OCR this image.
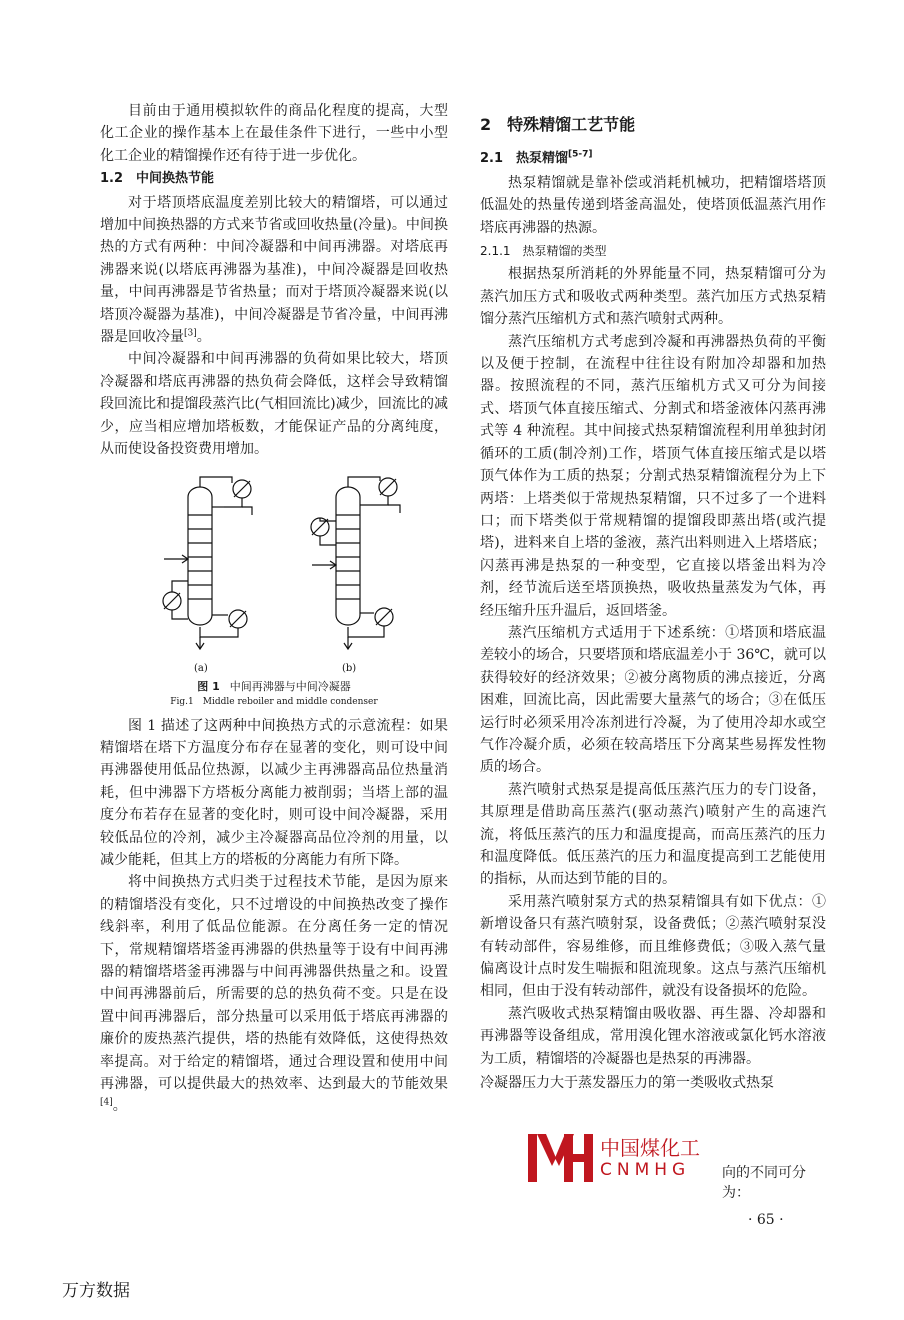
目前由于通用模拟软件的商品化程度的提高，大型化工企业的操作基本上在最佳条件下进行，一些中小型化工企业的精馏操作还有待于进一步优化。

1.2　中间换热节能

对于塔顶塔底温度差别比较大的精馏塔，可以通过增加中间换热器的方式来节省或回收热量(冷量)。中间换热的方式有两种：中间冷凝器和中间再沸器。对塔底再沸器来说(以塔底再沸器为基准)，中间冷凝器是回收热量，中间再沸器是节省热量；而对于塔顶冷凝器来说(以塔顶冷凝器为基准)，中间冷凝器是节省冷量，中间再沸器是回收冷量[3]。

中间冷凝器和中间再沸器的负荷如果比较大，塔顶冷凝器和塔底再沸器的热负荷会降低，这样会导致精馏段回流比和提馏段蒸汽比(气相回流比)减少，回流比的减少，应当相应增加塔板数，才能保证产品的分离纯度，从而使设备投资费用增加。

(a)	(b)
图 1 中间再沸器与中间冷凝器
Fig.1　Middle reboiler and middle condenser

图 1 描述了这两种中间换热方式的示意流程：如果精馏塔在塔下方温度分布存在显著的变化，则可设中间再沸器使用低品位热源，以减少主再沸器高品位热量消耗，但中沸器下方塔板分离能力被削弱；当塔上部的温度分布若存在显著的变化时，则可设中间冷凝器，采用较低品位的冷剂，减少主冷凝器高品位冷剂的用量，以减少能耗，但其上方的塔板的分离能力有所下降。

将中间换热方式归类于过程技术节能，是因为原来的精馏塔没有变化，只不过增设的中间换热改变了操作线斜率，利用了低品位能源。在分离任务一定的情况下，常规精馏塔塔釜再沸器的供热量等于设有中间再沸器的精馏塔塔釜再沸器与中间再沸器供热量之和。设置中间再沸器前后，所需要的总的热负荷不变。只是在设置中间再沸器后，部分热量可以采用低于塔底再沸器的廉价的废热蒸汽提供，塔的热能有效降低，这使得热效率提高。对于给定的精馏塔，通过合理设置和使用中间再沸器，可以提供最大的热效率、达到最大的节能效果[4]。

2　特殊精馏工艺节能
2.1　热泵精馏[5-7]

热泵精馏就是靠补偿或消耗机械功，把精馏塔塔顶低温处的热量传递到塔釜高温处，使塔顶低温蒸汽用作塔底再沸器的热源。

2.1.1　热泵精馏的类型

根据热泵所消耗的外界能量不同，热泵精馏可分为蒸汽加压方式和吸收式两种类型。蒸汽加压方式热泵精馏分蒸汽压缩机方式和蒸汽喷射式两种。

蒸汽压缩机方式考虑到冷凝和再沸器热负荷的平衡以及便于控制，在流程中往往设有附加冷却器和加热器。按照流程的不同，蒸汽压缩机方式又可分为间接式、塔顶气体直接压缩式、分割式和塔釜液体闪蒸再沸式等 4 种流程。其中间接式热泵精馏流程利用单独封闭循环的工质(制冷剂)工作，塔顶气体直接压缩式是以塔顶气体作为工质的热泵；分割式热泵精馏流程分为上下两塔：上塔类似于常规热泵精馏，只不过多了一个进料口；而下塔类似于常规精馏的提馏段即蒸出塔(或汽提塔)，进料来自上塔的釜液，蒸汽出料则进入上塔塔底；闪蒸再沸是热泵的一种变型，它直接以塔釜出料为冷剂，经节流后送至塔顶换热，吸收热量蒸发为气体，再经压缩升压升温后，返回塔釜。

蒸汽压缩机方式适用于下述系统：①塔顶和塔底温差较小的场合，只要塔顶和塔底温差小于 36℃，就可以获得较好的经济效果；②被分离物质的沸点接近，分离困难，回流比高，因此需要大量蒸气的场合；③在低压运行时必须采用冷冻剂进行冷凝，为了使用冷却水或空气作冷凝介质，必须在较高塔压下分离某些易挥发性物质的场合。

蒸汽喷射式热泵是提高低压蒸汽压力的专门设备，其原理是借助高压蒸汽(驱动蒸汽)喷射产生的高速汽流，将低压蒸汽的压力和温度提高，而高压蒸汽的压力和温度降低。低压蒸汽的压力和温度提高到工艺能使用的指标，从而达到节能的目的。

采用蒸汽喷射泵方式的热泵精馏具有如下优点：①新增设备只有蒸汽喷射泵，设备费低；②蒸汽喷射泵没有转动部件，容易维修，而且维修费低；③吸入蒸气量偏离设计点时发生喘振和阻流现象。这点与蒸汽压缩机相同，但由于没有转动部件，就没有设备损坏的危险。

蒸汽吸收式热泵精馏由吸收器、再生器、冷却器和再沸器等设备组成，常用溴化锂水溶液或氯化钙水溶液为工质，精馏塔的冷凝器也是热泵的再沸器。

冷凝器压力大于蒸发器压力的第一类吸收式热泵

中国煤化工
CNMHG 向的不同可分为：
· 65 ·
万方数据
